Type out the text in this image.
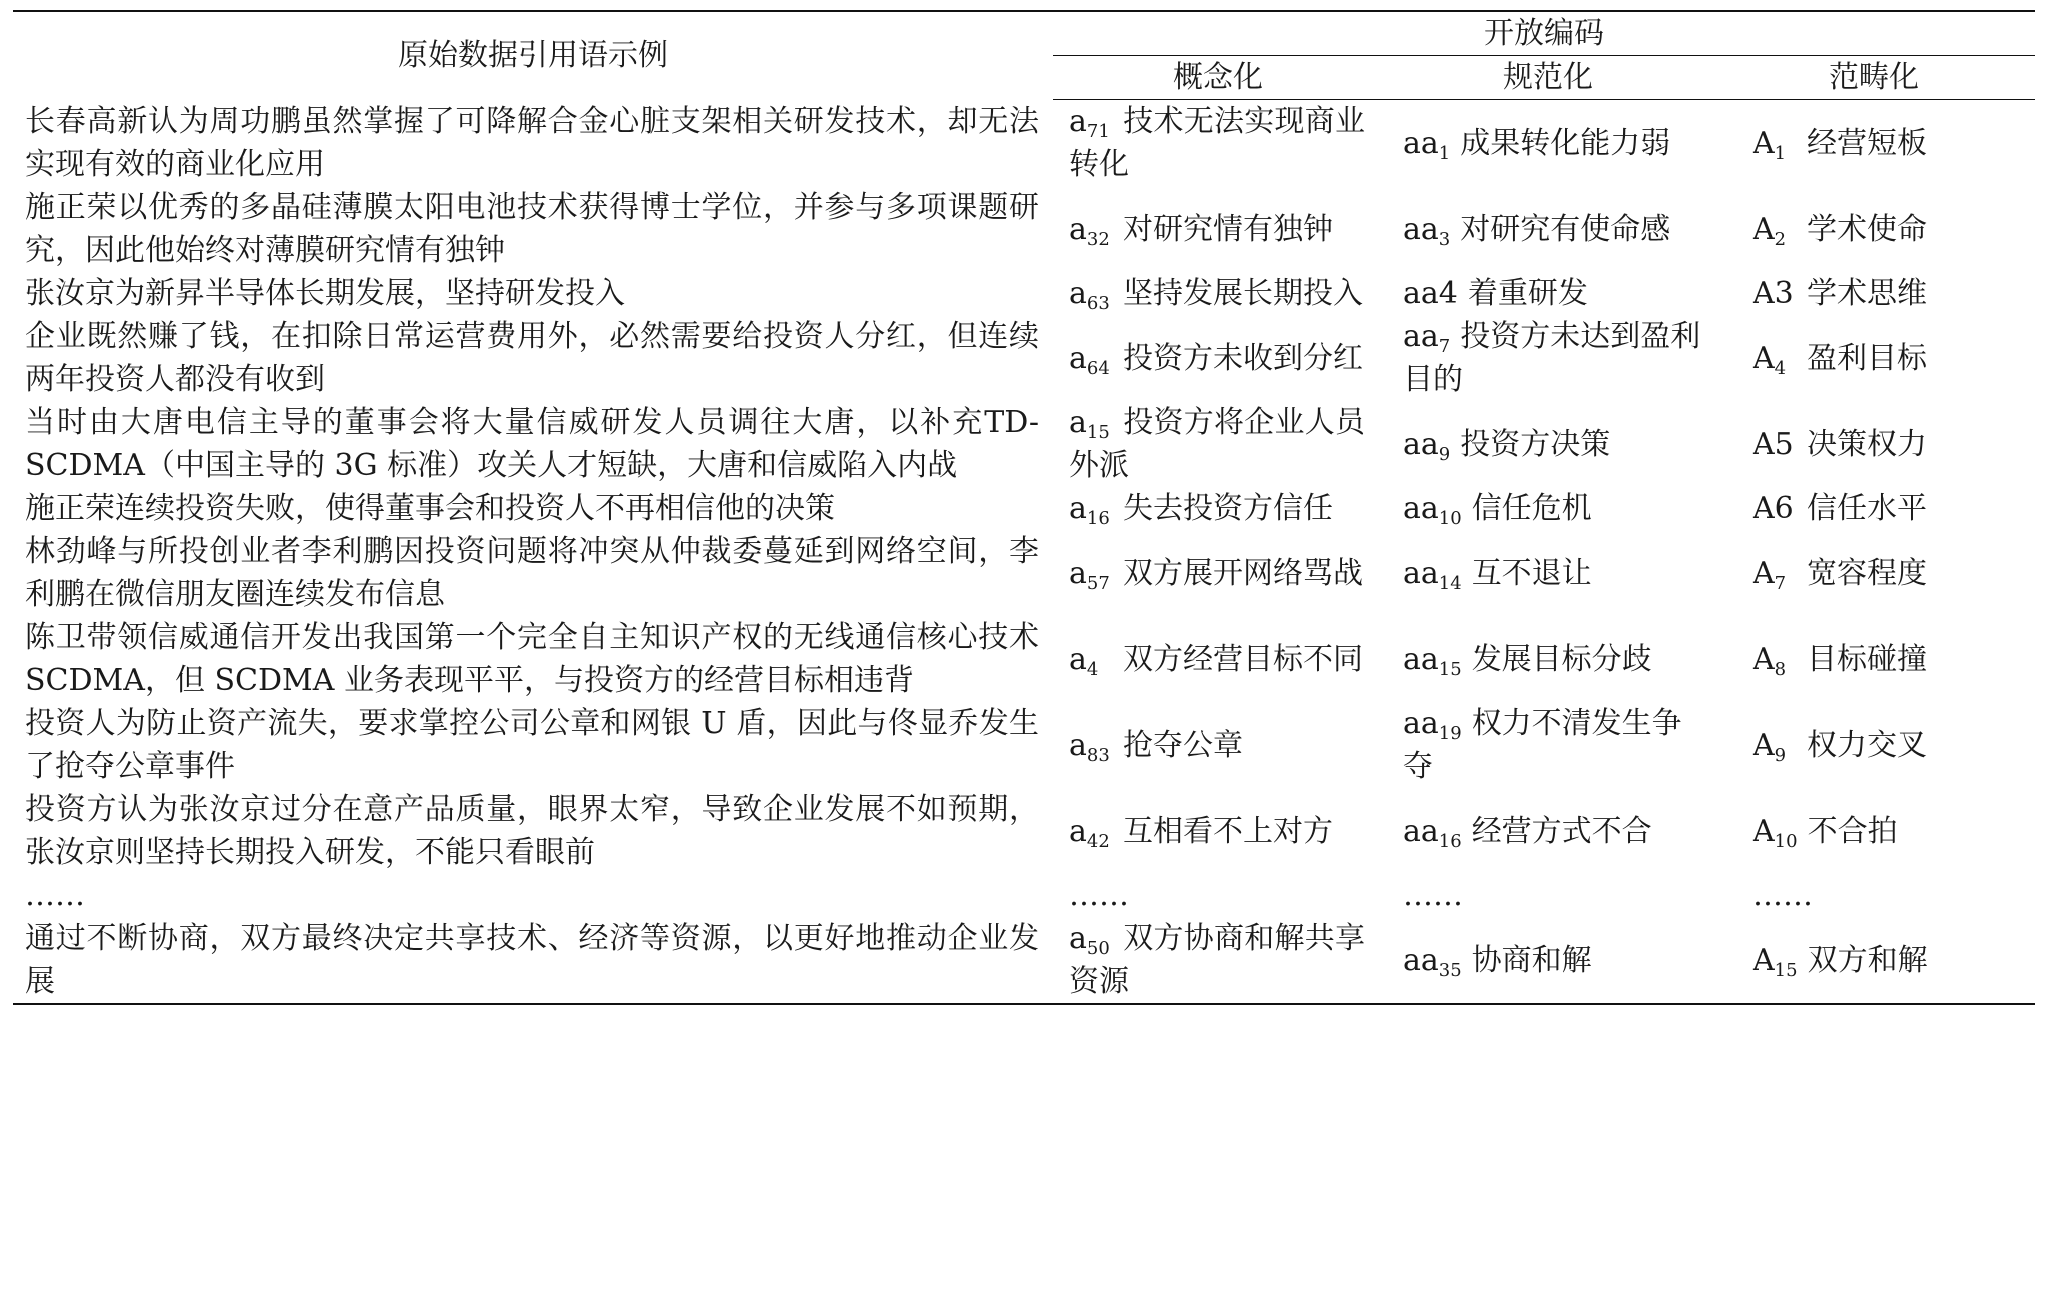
原始数据引用语示例	开放编码		
	概念化	规范化	范畴化
长春高新认为周功鹏虽然掌握了可降解合金心脏支架相关研发技术，却无法实现有效的商业化应用	$a_{71}$ 技术无法实现商业转化	$aa_1$ 成果转化能力弱	$A_1$ 经营短板
施正荣以优秀的多晶硅薄膜太阳电池技术获得博士学位，并参与多项课题研究，因此他始终对薄膜研究情有独钟	$a_{32}$ 对研究情有独钟	$aa_3$ 对研究有使命感	$A_2$ 学术使命
张汝京为新昇半导体长期发展，坚持研发投入	$a_{63}$ 坚持发展长期投入	aa4 着重研发	A3 学术思维
企业既然赚了钱，在扣除日常运营费用外，必然需要给投资人分红，但连续两年投资人都没有收到	$a_{64}$ 投资方未收到分红	$aa_7$ 投资方未达到盈利目的	$A_4$ 盈利目标
当时由大唐电信主导的董事会将大量信威研发人员调往大唐，以补充TD-SCDMA（中国主导的 3G 标准）攻关人才短缺，大唐和信威陷入内战	$a_{15}$ 投资方将企业人员外派	$aa_9$ 投资方决策	A5 决策权力
施正荣连续投资失败，使得董事会和投资人不再相信他的决策	$a_{16}$ 失去投资方信任	$aa_{10}$ 信任危机	A6 信任水平
林劲峰与所投创业者李利鹏因投资问题将冲突从仲裁委蔓延到网络空间，李利鹏在微信朋友圈连续发布信息	$a_{57}$ 双方展开网络骂战	$aa_{14}$ 互不退让	$A_7$ 宽容程度
陈卫带领信威通信开发出我国第一个完全自主知识产权的无线通信核心技术 SCDMA，但 SCDMA 业务表现平平，与投资方的经营目标相违背	$a_4$ 双方经营目标不同	$aa_{15}$ 发展目标分歧	$A_8$ 目标碰撞
投资人为防止资产流失，要求掌控公司公章和网银 U 盾，因此与佟显乔发生了抢夺公章事件	$a_{83}$ 抢夺公章	$aa_{19}$ 权力不清发生争夺	$A_9$ 权力交叉
投资方认为张汝京过分在意产品质量，眼界太窄，导致企业发展不如预期，张汝京则坚持长期投入研发，不能只看眼前	$a_{42}$ 互相看不上对方	$aa_{16}$ 经营方式不合	$A_{10}$ 不合拍
……	……	……	……
通过不断协商，双方最终决定共享技术、经济等资源，以更好地推动企业发展	$a_{50}$ 双方协商和解共享资源	$aa_{35}$ 协商和解	$A_{15}$ 双方和解
